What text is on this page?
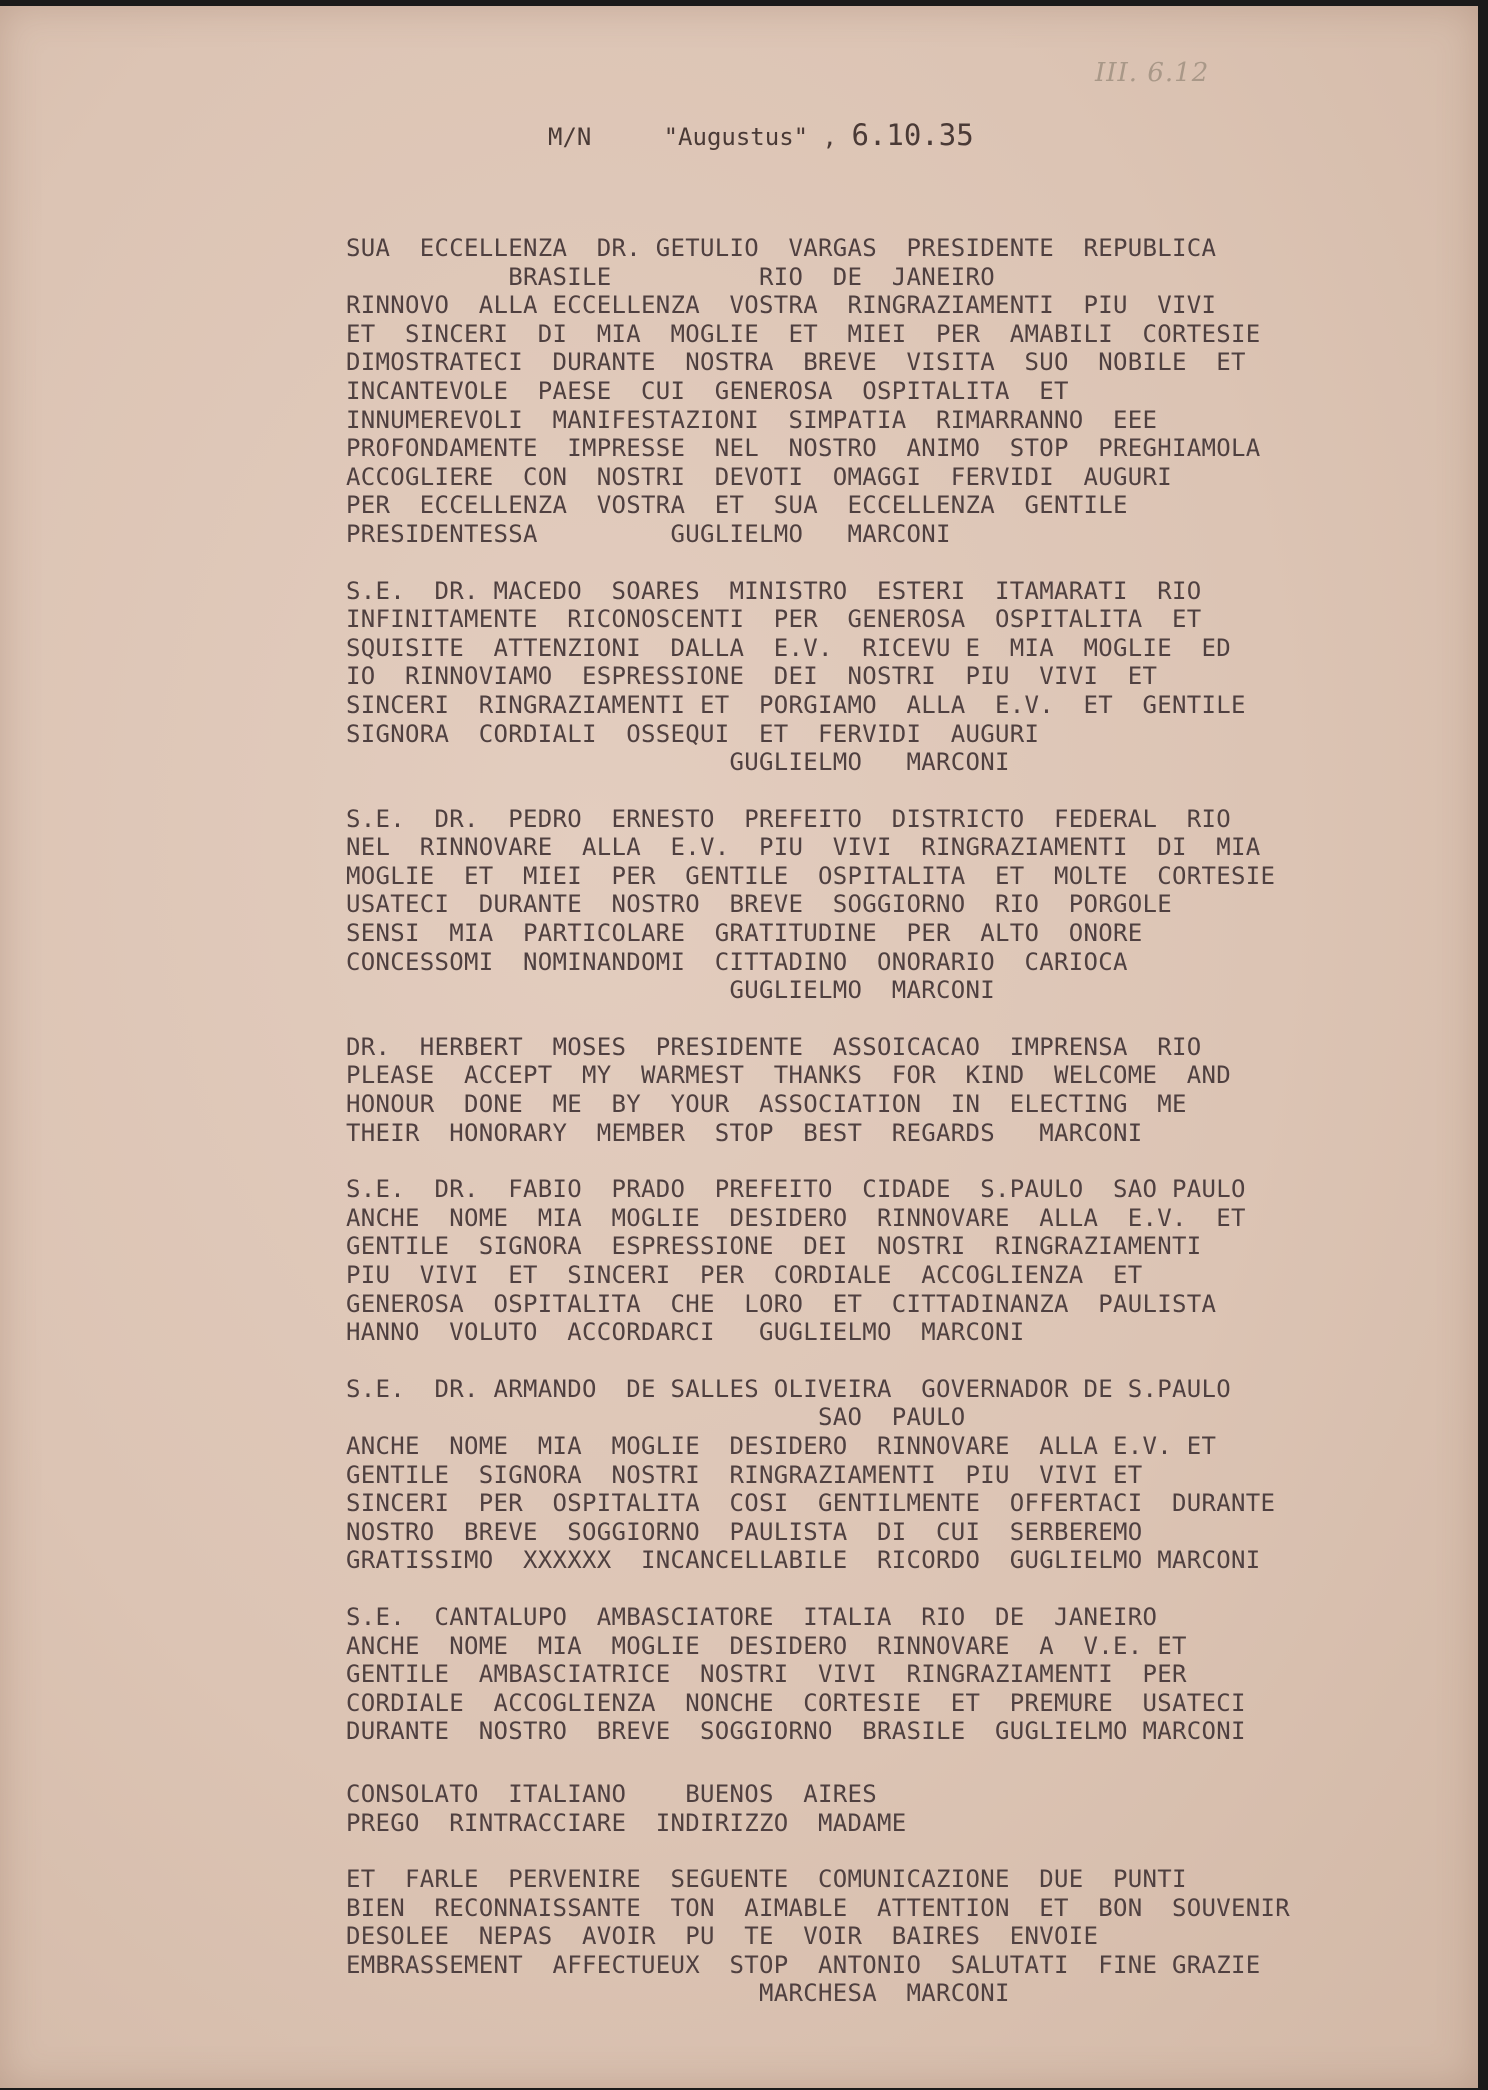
III. 6.12
M/N	"Augustus" , 6.10.35
SUA  ECCELLENZA  DR. GETULIO  VARGAS  PRESIDENTE  REPUBLICA
BRASILE          RIO  DE  JANEIRO
RINNOVO  ALLA ECCELLENZA  VOSTRA  RINGRAZIAMENTI  PIU  VIVI
ET  SINCERI  DI  MIA  MOGLIE  ET  MIEI  PER  AMABILI  CORTESIE
DIMOSTRATECI  DURANTE  NOSTRA  BREVE  VISITA  SUO  NOBILE  ET
INCANTEVOLE  PAESE  CUI  GENEROSA  OSPITALITA  ET
INNUMEREVOLI  MANIFESTAZIONI  SIMPATIA  RIMARRANNO  EEE
PROFONDAMENTE  IMPRESSE  NEL  NOSTRO  ANIMO  STOP  PREGHIAMOLA
ACCOGLIERE  CON  NOSTRI  DEVOTI  OMAGGI  FERVIDI  AUGURI
PER  ECCELLENZA  VOSTRA  ET  SUA  ECCELLENZA  GENTILE
PRESIDENTESSA         GUGLIELMO   MARCONI
S.E.  DR. MACEDO  SOARES  MINISTRO  ESTERI  ITAMARATI  RIO
INFINITAMENTE  RICONOSCENTI  PER  GENEROSA  OSPITALITA  ET
SQUISITE  ATTENZIONI  DALLA  E.V.  RICEVU E  MIA  MOGLIE  ED
IO  RINNOVIAMO  ESPRESSIONE  DEI  NOSTRI  PIU  VIVI  ET
SINCERI  RINGRAZIAMENTI ET  PORGIAMO  ALLA  E.V.  ET  GENTILE
SIGNORA  CORDIALI  OSSEQUI  ET  FERVIDI  AUGURI
GUGLIELMO   MARCONI
S.E.  DR.  PEDRO  ERNESTO  PREFEITO  DISTRICTO  FEDERAL  RIO
NEL  RINNOVARE  ALLA  E.V.  PIU  VIVI  RINGRAZIAMENTI  DI  MIA
MOGLIE  ET  MIEI  PER  GENTILE  OSPITALITA  ET  MOLTE  CORTESIE
USATECI  DURANTE  NOSTRO  BREVE  SOGGIORNO  RIO  PORGOLE
SENSI  MIA  PARTICOLARE  GRATITUDINE  PER  ALTO  ONORE
CONCESSOMI  NOMINANDOMI  CITTADINO  ONORARIO  CARIOCA
GUGLIELMO  MARCONI
DR.  HERBERT  MOSES  PRESIDENTE  ASSOICACAO  IMPRENSA  RIO
PLEASE  ACCEPT  MY  WARMEST  THANKS  FOR  KIND  WELCOME  AND
HONOUR  DONE  ME  BY  YOUR  ASSOCIATION  IN  ELECTING  ME
THEIR  HONORARY  MEMBER  STOP  BEST  REGARDS   MARCONI
S.E.  DR.  FABIO  PRADO  PREFEITO  CIDADE  S.PAULO  SAO PAULO
ANCHE  NOME  MIA  MOGLIE  DESIDERO  RINNOVARE  ALLA  E.V.  ET
GENTILE  SIGNORA  ESPRESSIONE  DEI  NOSTRI  RINGRAZIAMENTI
PIU  VIVI  ET  SINCERI  PER  CORDIALE  ACCOGLIENZA  ET
GENEROSA  OSPITALITA  CHE  LORO  ET  CITTADINANZA  PAULISTA
HANNO  VOLUTO  ACCORDARCI   GUGLIELMO  MARCONI
S.E.  DR. ARMANDO  DE SALLES OLIVEIRA  GOVERNADOR DE S.PAULO
SAO  PAULO
ANCHE  NOME  MIA  MOGLIE  DESIDERO  RINNOVARE  ALLA E.V. ET
GENTILE  SIGNORA  NOSTRI  RINGRAZIAMENTI  PIU  VIVI ET
SINCERI  PER  OSPITALITA  COSI  GENTILMENTE  OFFERTACI  DURANTE
NOSTRO  BREVE  SOGGIORNO  PAULISTA  DI  CUI  SERBEREMO
GRATISSIMO  XXXXXX  INCANCELLABILE  RICORDO  GUGLIELMO MARCONI
S.E.  CANTALUPO  AMBASCIATORE  ITALIA  RIO  DE  JANEIRO
ANCHE  NOME  MIA  MOGLIE  DESIDERO  RINNOVARE  A  V.E. ET
GENTILE  AMBASCIATRICE  NOSTRI  VIVI  RINGRAZIAMENTI  PER
CORDIALE  ACCOGLIENZA  NONCHE  CORTESIE  ET  PREMURE  USATECI
DURANTE  NOSTRO  BREVE  SOGGIORNO  BRASILE  GUGLIELMO MARCONI
CONSOLATO  ITALIANO    BUENOS  AIRES
PREGO  RINTRACCIARE  INDIRIZZO  MADAME
ET  FARLE  PERVENIRE  SEGUENTE  COMUNICAZIONE  DUE  PUNTI
BIEN  RECONNAISSANTE  TON  AIMABLE  ATTENTION  ET  BON  SOUVENIR
DESOLEE  NEPAS  AVOIR  PU  TE  VOIR  BAIRES  ENVOIE
EMBRASSEMENT  AFFECTUEUX  STOP  ANTONIO  SALUTATI  FINE GRAZIE
MARCHESA  MARCONI
